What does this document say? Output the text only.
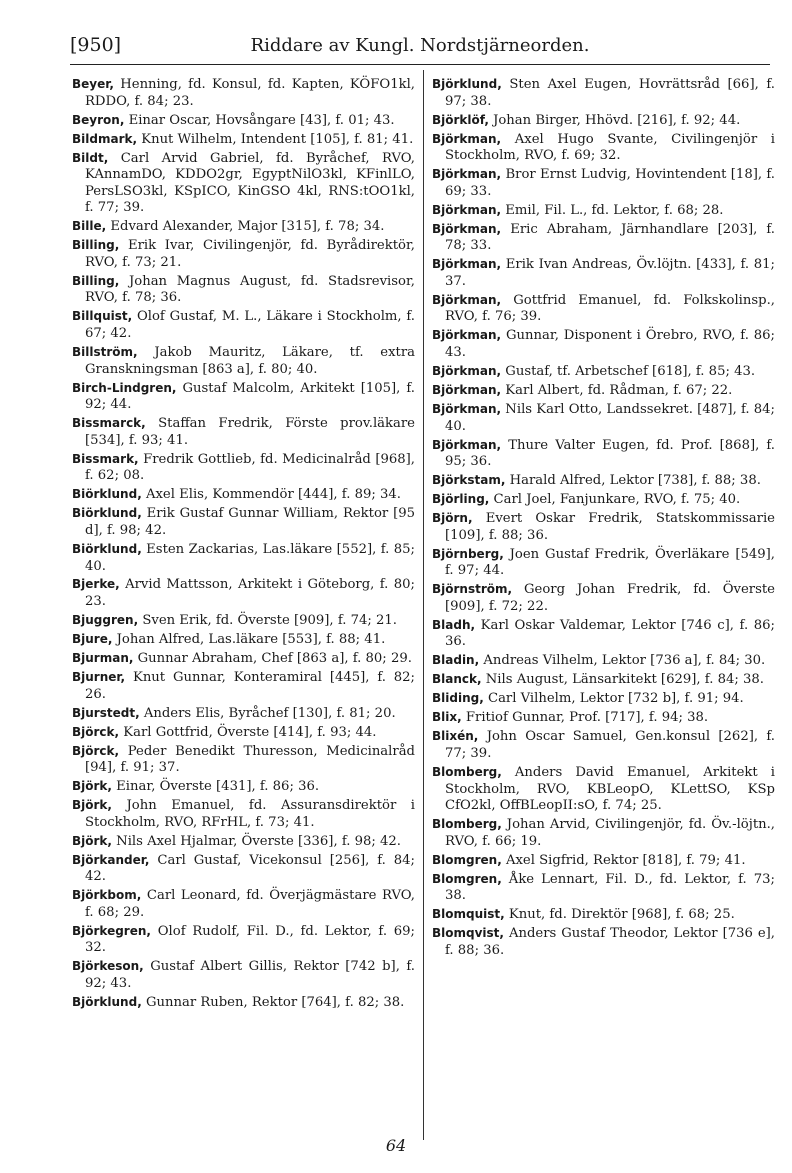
[950]	Riddare av Kungl. Nordstjärneorden.

Beyer, Henning, fd. Konsul, fd. Kapten, KÖFO1kl, RDDO, f. 84; 23.

Beyron, Einar Oscar, Hovsångare [43], f. 01; 43.

Bildmark, Knut Wilhelm, Intendent [105], f. 81; 41.

Bildt, Carl Arvid Gabriel, fd. Byråchef, RVO, KAnnamDO, KDDO2gr, EgyptNilO3kl, KFinlLO, PersLSO3kl, KSpICO, KinGSO 4kl, RNS:tOO1kl, f. 77; 39.

Bille, Edvard Alexander, Major [315], f. 78; 34.

Billing, Erik Ivar, Civilingenjör, fd. Byrådirektör, RVO, f. 73; 21.

Billing, Johan Magnus August, fd. Stadsrevisor, RVO, f. 78; 36.

Billquist, Olof Gustaf, M. L., Läkare i Stockholm, f. 67; 42.

Billström, Jakob Mauritz, Läkare, tf. extra Granskningsman [863 a], f. 80; 40.

Birch-Lindgren, Gustaf Malcolm, Arkitekt [105], f. 92; 44.

Bissmarck, Staffan Fredrik, Förste prov.läkare [534], f. 93; 41.

Bissmark, Fredrik Gottlieb, fd. Medicinalråd [968], f. 62; 08.

Biörklund, Axel Elis, Kommendör [444], f. 89; 34.

Biörklund, Erik Gustaf Gunnar William, Rektor [95 d], f. 98; 42.

Biörklund, Esten Zackarias, Las.läkare [552], f. 85; 40.

Bjerke, Arvid Mattsson, Arkitekt i Göteborg, f. 80; 23.

Bjuggren, Sven Erik, fd. Överste [909], f. 74; 21.

Bjure, Johan Alfred, Las.läkare [553], f. 88; 41.

Bjurman, Gunnar Abraham, Chef [863 a], f. 80; 29.

Bjurner, Knut Gunnar, Konteramiral [445], f. 82; 26.

Bjurstedt, Anders Elis, Byråchef [130], f. 81; 20.

Björck, Karl Gottfrid, Överste [414], f. 93; 44.

Björck, Peder Benedikt Thuresson, Medicinalråd [94], f. 91; 37.

Björk, Einar, Överste [431], f. 86; 36.

Björk, John Emanuel, fd. Assuransdirektör i Stockholm, RVO, RFrHL, f. 73; 41.

Björk, Nils Axel Hjalmar, Överste [336], f. 98; 42.

Björkander, Carl Gustaf, Vicekonsul [256], f. 84; 42.

Björkbom, Carl Leonard, fd. Överjägmästare RVO, f. 68; 29.

Björkegren, Olof Rudolf, Fil. D., fd. Lektor, f. 69; 32.

Björkeson, Gustaf Albert Gillis, Rektor [742 b], f. 92; 43.

Björklund, Gunnar Ruben, Rektor [764], f. 82; 38.

Björklund, Sten Axel Eugen, Hovrättsråd [66], f. 97; 38.

Björklöf, Johan Birger, Hhövd. [216], f. 92; 44.

Björkman, Axel Hugo Svante, Civilingenjör i Stockholm, RVO, f. 69; 32.

Björkman, Bror Ernst Ludvig, Hovintendent [18], f. 69; 33.

Björkman, Emil, Fil. L., fd. Lektor, f. 68; 28.

Björkman, Eric Abraham, Järnhandlare [203], f. 78; 33.

Björkman, Erik Ivan Andreas, Öv.löjtn. [433], f. 81; 37.

Björkman, Gottfrid Emanuel, fd. Folkskolinsp., RVO, f. 76; 39.

Björkman, Gunnar, Disponent i Örebro, RVO, f. 86; 43.

Björkman, Gustaf, tf. Arbetschef [618], f. 85; 43.

Björkman, Karl Albert, fd. Rådman, f. 67; 22.

Björkman, Nils Karl Otto, Landssekret. [487], f. 84; 40.

Björkman, Thure Valter Eugen, fd. Prof. [868], f. 95; 36.

Björkstam, Harald Alfred, Lektor [738], f. 88; 38.

Björling, Carl Joel, Fanjunkare, RVO, f. 75; 40.

Björn, Evert Oskar Fredrik, Statskommissarie [109], f. 88; 36.

Björnberg, Joen Gustaf Fredrik, Överläkare [549], f. 97; 44.

Björnström, Georg Johan Fredrik, fd. Överste [909], f. 72; 22.

Bladh, Karl Oskar Valdemar, Lektor [746 c], f. 86; 36.

Bladin, Andreas Vilhelm, Lektor [736 a], f. 84; 30.

Blanck, Nils August, Länsarkitekt [629], f. 84; 38.

Bliding, Carl Vilhelm, Lektor [732 b], f. 91; 94.

Blix, Fritiof Gunnar, Prof. [717], f. 94; 38.

Blixén, John Oscar Samuel, Gen.konsul [262], f. 77; 39.

Blomberg, Anders David Emanuel, Arkitekt i Stockholm, RVO, KBLeopO, KLettSO, KSp CfO2kl, OffBLeopII:sO, f. 74; 25.

Blomberg, Johan Arvid, Civilingenjör, fd. Öv.-löjtn., RVO, f. 66; 19.

Blomgren, Axel Sigfrid, Rektor [818], f. 79; 41.

Blomgren, Åke Lennart, Fil. D., fd. Lektor, f. 73; 38.

Blomquist, Knut, fd. Direktör [968], f. 68; 25.

Blomqvist, Anders Gustaf Theodor, Lektor [736 e], f. 88; 36.

64
